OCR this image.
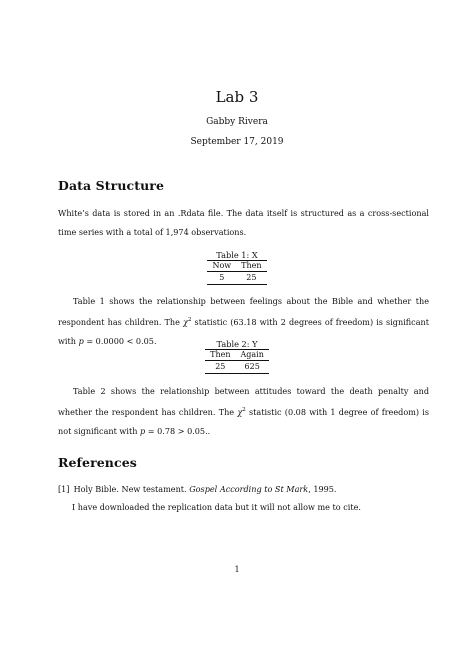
Lab 3
Gabby Rivera
September 17, 2019
Data Structure
White’s data is stored in an .Rdata file. The data itself is structured as a cross-sectional time series with a total of 1,974 observations.
Table 1: X
Now	Then
5	25
Table 1 shows the relationship between feelings about the Bible and whether the respondent has children. The $\chi^2$ statistic (63.18 with 2 degrees of freedom) is significant with p = 0.0000 < 0.05.	Table 2: Y
Then	Again
25	625
Table 2 shows the relationship between attitudes toward the death penalty and whether the respondent has children. The $\chi^2$ statistic (0.08 with 1 degree of freedom) is not significant with p = 0.78 > 0.05..
References
[1] Holy Bible. New testament. Gospel According to St Mark, 1995.
I have downloaded the replication data but it will not allow me to cite.
1
